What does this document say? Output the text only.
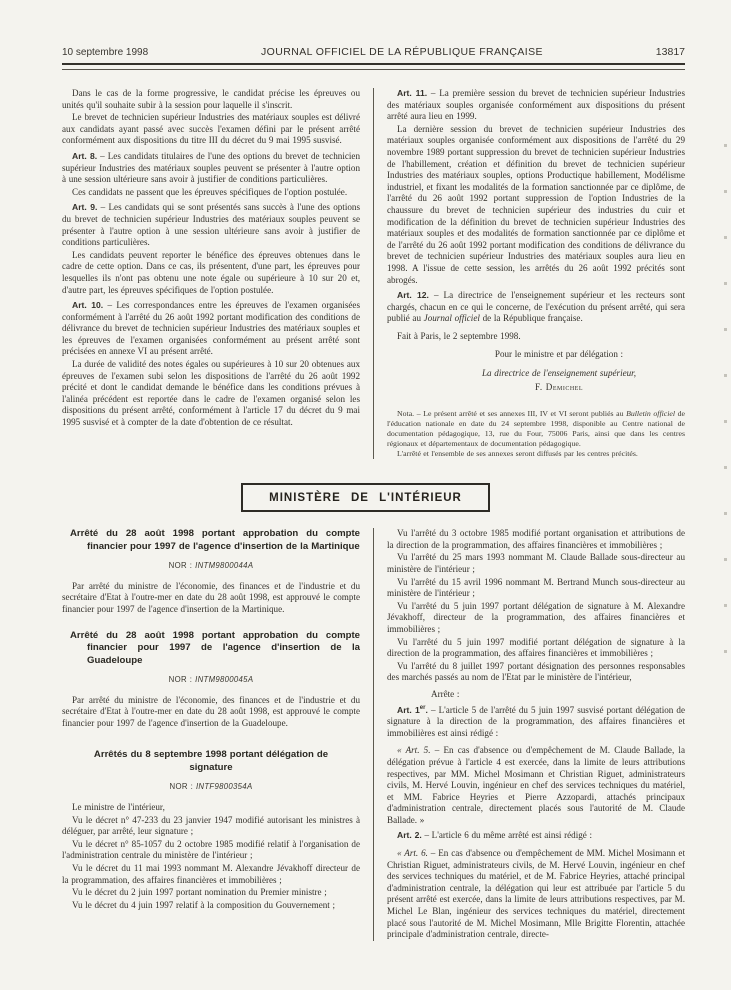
10 septembre 1998	JOURNAL OFFICIEL DE LA RÉPUBLIQUE FRANÇAISE	13817

Dans le cas de la forme progressive, le candidat précise les épreuves ou unités qu'il souhaite subir à la session pour laquelle il s'inscrit.

Le brevet de technicien supérieur Industries des matériaux souples est délivré aux candidats ayant passé avec succès l'examen défini par le présent arrêté conformément aux dispositions du titre III du décret du 9 mai 1995 susvisé.

Art. 8. – Les candidats titulaires de l'une des options du brevet de technicien supérieur Industries des matériaux souples peuvent se présenter à l'autre option à une session ultérieure sans avoir à justifier de conditions particulières.

Ces candidats ne passent que les épreuves spécifiques de l'option postulée.

Art. 9. – Les candidats qui se sont présentés sans succès à l'une des options du brevet de technicien supérieur Industries des matériaux souples peuvent se présenter à l'autre option à une session ultérieure sans avoir à justifier de conditions particulières.

Les candidats peuvent reporter le bénéfice des épreuves obtenues dans le cadre de cette option. Dans ce cas, ils présentent, d'une part, les épreuves pour lesquelles ils n'ont pas obtenu une note égale ou supérieure à 10 sur 20 et, d'autre part, les épreuves spécifiques de l'option postulée.

Art. 10. – Les correspondances entre les épreuves de l'examen organisées conformément à l'arrêté du 26 août 1992 portant modification des conditions de délivrance du brevet de technicien supérieur Industries des matériaux souples et les épreuves de l'examen organisées conformément au présent arrêté sont précisées en annexe VI au présent arrêté.

La durée de validité des notes égales ou supérieures à 10 sur 20 obtenues aux épreuves de l'examen subi selon les dispositions de l'arrêté du 26 août 1992 précité et dont le candidat demande le bénéfice dans les conditions prévues à l'alinéa précédent est reportée dans le cadre de l'examen organisé selon les dispositions du présent arrêté, conformément à l'article 17 du décret du 9 mai 1995 susvisé et à compter de la date d'obtention de ce résultat.

Art. 11. – La première session du brevet de technicien supérieur Industries des matériaux souples organisée conformément aux dispositions du présent arrêté aura lieu en 1999.

La dernière session du brevet de technicien supérieur Industries des matériaux souples organisée conformément aux dispositions de l'arrêté du 29 novembre 1989 portant suppression du brevet de technicien supérieur Industries de l'habillement, création et définition du brevet de technicien supérieur Industries des matériaux souples, options Productique habillement, Modélisme industriel, et fixant les modalités de la formation sanctionnée par ce diplôme, de l'arrêté du 26 août 1992 portant suppression de l'option Industries de la chaussure du brevet de technicien supérieur des industries du cuir et modification de la définition du brevet de technicien supérieur Industries des matériaux souples et des modalités de formation sanctionnée par ce diplôme et de l'arrêté du 26 août 1992 portant modification des conditions de délivrance du brevet de technicien supérieur Industries des matériaux souples aura lieu en 1998. A l'issue de cette session, les arrêtés du 26 août 1992 précités sont abrogés.

Art. 12. – La directrice de l'enseignement supérieur et les recteurs sont chargés, chacun en ce qui le concerne, de l'exécution du présent arrêté, qui sera publié au Journal officiel de la République française.

Fait à Paris, le 2 septembre 1998.

Pour le ministre et par délégation :

La directrice de l'enseignement supérieur,

F. Demichel

Nota. – Le présent arrêté et ses annexes III, IV et VI seront publiés au Bulletin officiel de l'éducation nationale en date du 24 septembre 1998, disponible au Centre national de documentation pédagogique, 13, rue du Four, 75006 Paris, ainsi que dans les centres régionaux et départementaux de documentation pédagogique.

L'arrêté et l'ensemble de ses annexes seront diffusés par les centres précités.

MINISTÈRE DE L'INTÉRIEUR

Arrêté du 28 août 1998 portant approbation du compte financier pour 1997 de l'agence d'insertion de la Martinique

NOR : INTM9800044A

Par arrêté du ministre de l'économie, des finances et de l'industrie et du secrétaire d'Etat à l'outre-mer en date du 28 août 1998, est approuvé le compte financier pour 1997 de l'agence d'insertion de la Martinique.

Arrêté du 28 août 1998 portant approbation du compte financier pour 1997 de l'agence d'insertion de la Guadeloupe

NOR : INTM9800045A

Par arrêté du ministre de l'économie, des finances et de l'industrie et du secrétaire d'Etat à l'outre-mer en date du 28 août 1998, est approuvé le compte financier pour 1997 de l'agence d'insertion de la Guadeloupe.

Arrêtés du 8 septembre 1998 portant délégation de signature

NOR : INTF9800354A

Le ministre de l'intérieur,

Vu le décret n° 47-233 du 23 janvier 1947 modifié autorisant les ministres à déléguer, par arrêté, leur signature ;

Vu le décret n° 85-1057 du 2 octobre 1985 modifié relatif à l'organisation de l'administration centrale du ministère de l'intérieur ;

Vu le décret du 11 mai 1993 nommant M. Alexandre Jévakhoff directeur de la programmation, des affaires financières et immobilières ;

Vu le décret du 2 juin 1997 portant nomination du Premier ministre ;

Vu le décret du 4 juin 1997 relatif à la composition du Gouvernement ;

Vu l'arrêté du 3 octobre 1985 modifié portant organisation et attributions de la direction de la programmation, des affaires financières et immobilières ;

Vu l'arrêté du 25 mars 1993 nommant M. Claude Ballade sous-directeur au ministère de l'intérieur ;

Vu l'arrêté du 15 avril 1996 nommant M. Bertrand Munch sous-directeur au ministère de l'intérieur ;

Vu l'arrêté du 5 juin 1997 portant délégation de signature à M. Alexandre Jévakhoff, directeur de la programmation, des affaires financières et immobilières ;

Vu l'arrêté du 5 juin 1997 modifié portant délégation de signature à la direction de la programmation, des affaires financières et immobilières ;

Vu l'arrêté du 8 juillet 1997 portant désignation des personnes responsables des marchés passés au nom de l'Etat par le ministère de l'intérieur,

Arrête :

Art. 1er. – L'article 5 de l'arrêté du 5 juin 1997 susvisé portant délégation de signature à la direction de la programmation, des affaires financières et immobilières est ainsi rédigé :

« Art. 5. – En cas d'absence ou d'empêchement de M. Claude Ballade, la délégation prévue à l'article 4 est exercée, dans la limite de leurs attributions respectives, par MM. Michel Mosimann et Christian Riguet, administrateurs civils, M. Hervé Louvin, ingénieur en chef des services techniques du matériel, et MM. Fabrice Heyries et Pierre Azzopardi, attachés principaux d'administration centrale, directement placés sous l'autorité de M. Claude Ballade. »

Art. 2. – L'article 6 du même arrêté est ainsi rédigé :

« Art. 6. – En cas d'absence ou d'empêchement de MM. Michel Mosimann et Christian Riguet, administrateurs civils, de M. Hervé Louvin, ingénieur en chef des services techniques du matériel, et de M. Fabrice Heyries, attaché principal d'administration centrale, la délégation qui leur est attribuée par l'article 5 du présent arrêté est exercée, dans la limite de leurs attributions respectives, par M. Michel Le Blan, ingénieur des services techniques du matériel, directement placé sous l'autorité de M. Michel Mosimann, Mlle Brigitte Florentin, attachée principale d'administration centrale, directe-
